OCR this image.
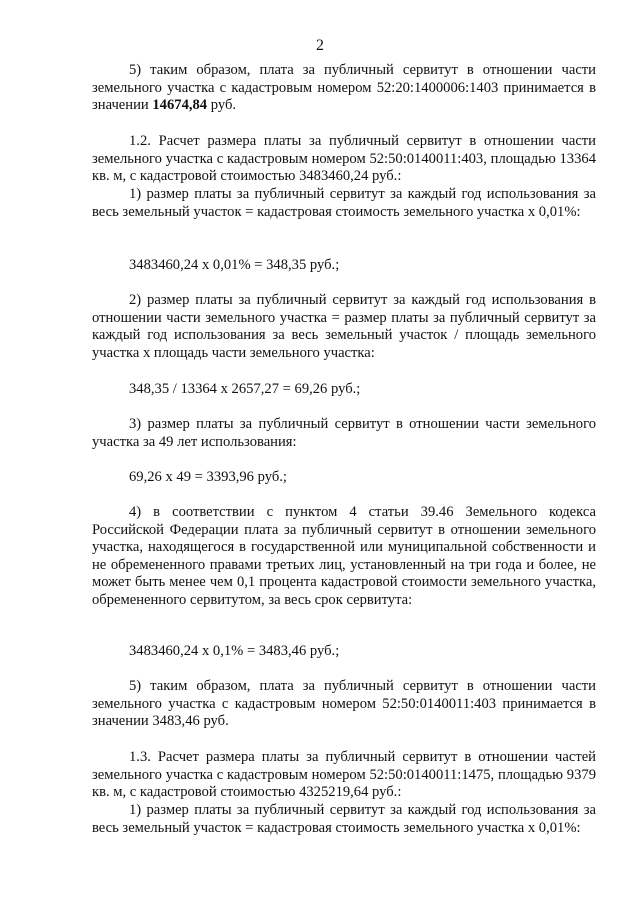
2

5) таким образом, плата за публичный сервитут в отношении части земельного участка с кадастровым номером 52:20:1400006:1403 принимается в значении 14674,84 руб.

1.2. Расчет размера платы за публичный сервитут в отношении части земельного участка с кадастровым номером 52:50:0140011:403, площадью 13364 кв. м, с кадастровой стоимостью 3483460,24 руб.:

1) размер платы за публичный сервитут за каждый год использования за весь земельный участок = кадастровая стоимость земельного участка х 0,01%:

3483460,24 х 0,01% = 348,35 руб.;

2) размер платы за публичный сервитут за каждый год использования в отношении части земельного участка = размер платы за публичный сервитут за каждый год использования за весь земельный участок / площадь земельного участка х площадь части земельного участка:

348,35 / 13364 х 2657,27 = 69,26 руб.;

3) размер платы за публичный сервитут в отношении части земельного участка за 49 лет использования:

69,26 х 49 = 3393,96 руб.;

4) в соответствии с пунктом 4 статьи 39.46 Земельного кодекса Российской Федерации плата за публичный сервитут в отношении земельного участка, находящегося в государственной или муниципальной собственности и не обремененного правами третьих лиц, установленный на три года и более, не может быть менее чем 0,1 процента кадастровой стоимости земельного участка, обремененного сервитутом, за весь срок сервитута:

3483460,24 х 0,1% = 3483,46 руб.;

5) таким образом, плата за публичный сервитут в отношении части земельного участка с кадастровым номером 52:50:0140011:403 принимается в значении 3483,46 руб.

1.3. Расчет размера платы за публичный сервитут в отношении частей земельного участка с кадастровым номером 52:50:0140011:1475, площадью 9379 кв. м, с кадастровой стоимостью 4325219,64 руб.:

1) размер платы за публичный сервитут за каждый год использования за весь земельный участок = кадастровая стоимость земельного участка х 0,01%:
